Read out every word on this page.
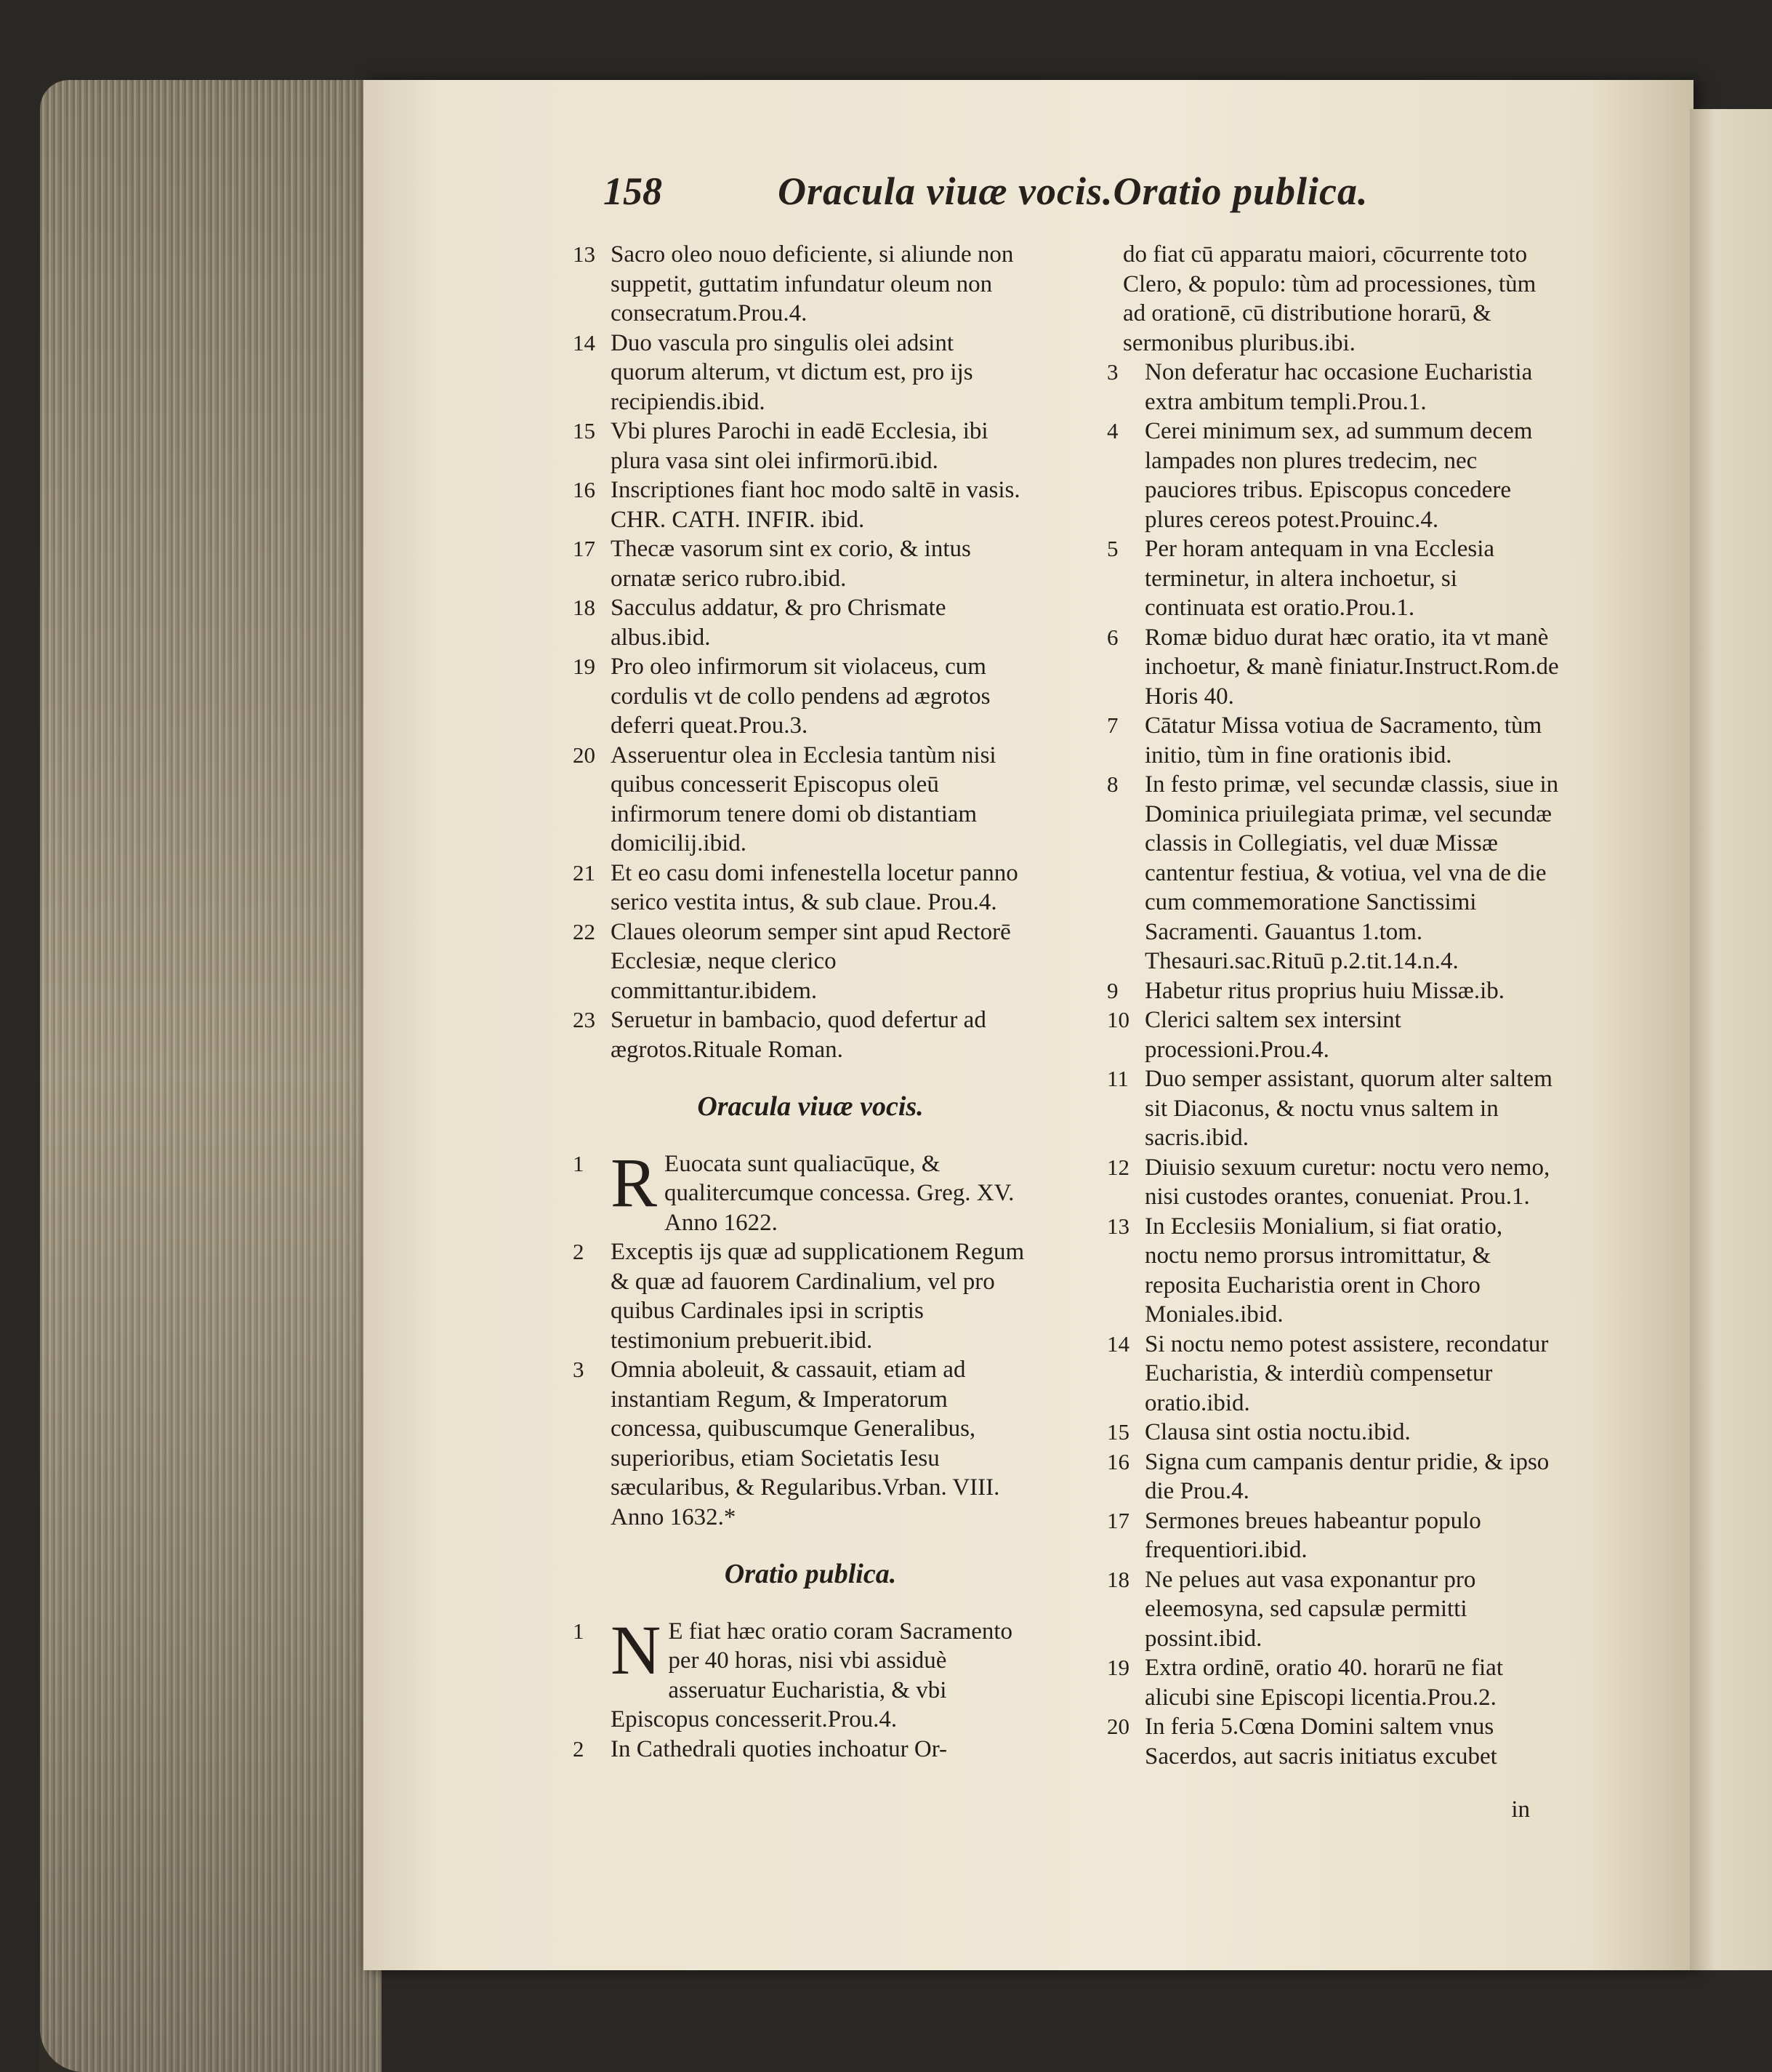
158	Oracula viuæ vocis.Oratio publica.

13 Sacro oleo nouo deficiente, si aliunde non suppetit, guttatim infundatur oleum non consecratum.Prou.4.

14 Duo vascula pro singulis olei adsint quorum alterum, vt dictum est, pro ijs recipiendis.ibid.

15 Vbi plures Parochi in eadē Ecclesia, ibi plura vasa sint olei infirmorū.ibid.

16 Inscriptiones fiant hoc modo saltē in vasis. CHR. CATH. INFIR. ibid.

17 Thecæ vasorum sint ex corio, & intus ornatæ serico rubro.ibid.

18 Sacculus addatur, & pro Chrismate albus.ibid.

19 Pro oleo infirmorum sit violaceus, cum cordulis vt de collo pendens ad ægrotos deferri queat.Prou.3.

20 Asseruentur olea in Ecclesia tantùm nisi quibus concesserit Episcopus oleū infirmorum tenere domi ob distantiam domicilij.ibid.

21 Et eo casu domi infenestella locetur panno serico vestita intus, & sub claue. Prou.4.

22 Claues oleorum semper sint apud Rectorē Ecclesiæ, neque clerico committantur.ibidem.

23 Seruetur in bambacio, quod defertur ad ægrotos.Rituale Roman.

Oracula viuæ vocis.

1 R Euocata sunt qualiacūque, & qualitercumque concessa. Greg. XV. Anno 1622.

2 Exceptis ijs quæ ad supplicationem Regum & quæ ad fauorem Cardinalium, vel pro quibus Cardinales ipsi in scriptis testimonium prebuerit.ibid.

3 Omnia aboleuit, & cassauit, etiam ad instantiam Regum, & Imperatorum concessa, quibuscumque Generalibus, superioribus, etiam Societatis Iesu sæcularibus, & Regularibus.Vrban. VIII. Anno 1632.*

Oratio publica.

1 N E fiat hæc oratio coram Sacramento per 40 horas, nisi vbi assiduè asseruatur Eucharistia, & vbi Episcopus concesserit.Prou.4.

2 In Cathedrali quoties inchoatur Or-

do fiat cū apparatu maiori, cōcurrente toto Clero, & populo: tùm ad processiones, tùm ad orationē, cū distributione horarū, & sermonibus pluribus.ibi.

3 Non deferatur hac occasione Eucharistia extra ambitum templi.Prou.1.

4 Cerei minimum sex, ad summum decem lampades non plures tredecim, nec pauciores tribus. Episcopus concedere plures cereos potest.Prouinc.4.

5 Per horam antequam in vna Ecclesia terminetur, in altera inchoetur, si continuata est oratio.Prou.1.

6 Romæ biduo durat hæc oratio, ita vt manè inchoetur, & manè finiatur.Instruct.Rom.de Horis 40.

7 Cātatur Missa votiua de Sacramento, tùm initio, tùm in fine orationis ibid.

8 In festo primæ, vel secundæ classis, siue in Dominica priuilegiata primæ, vel secundæ classis in Collegiatis, vel duæ Missæ cantentur festiua, & votiua, vel vna de die cum commemoratione Sanctissimi Sacramenti. Gauantus 1.tom. Thesauri.sac.Rituū p.2.tit.14.n.4.

9 Habetur ritus proprius huiu Missæ.ib.

10 Clerici saltem sex intersint processioni.Prou.4.

11 Duo semper assistant, quorum alter saltem sit Diaconus, & noctu vnus saltem in sacris.ibid.

12 Diuisio sexuum curetur: noctu vero nemo, nisi custodes orantes, conueniat. Prou.1.

13 In Ecclesiis Monialium, si fiat oratio, noctu nemo prorsus intromittatur, & reposita Eucharistia orent in Choro Moniales.ibid.

14 Si noctu nemo potest assistere, recondatur Eucharistia, & interdiù compensetur oratio.ibid.

15 Clausa sint ostia noctu.ibid.

16 Signa cum campanis dentur pridie, & ipso die Prou.4.

17 Sermones breues habeantur populo frequentiori.ibid.

18 Ne pelues aut vasa exponantur pro eleemosyna, sed capsulæ permitti possint.ibid.

19 Extra ordinē, oratio 40. horarū ne fiat alicubi sine Episcopi licentia.Prou.2.

20 In feria 5.Cœna Domini saltem vnus Sacerdos, aut sacris initiatus excubet

in
